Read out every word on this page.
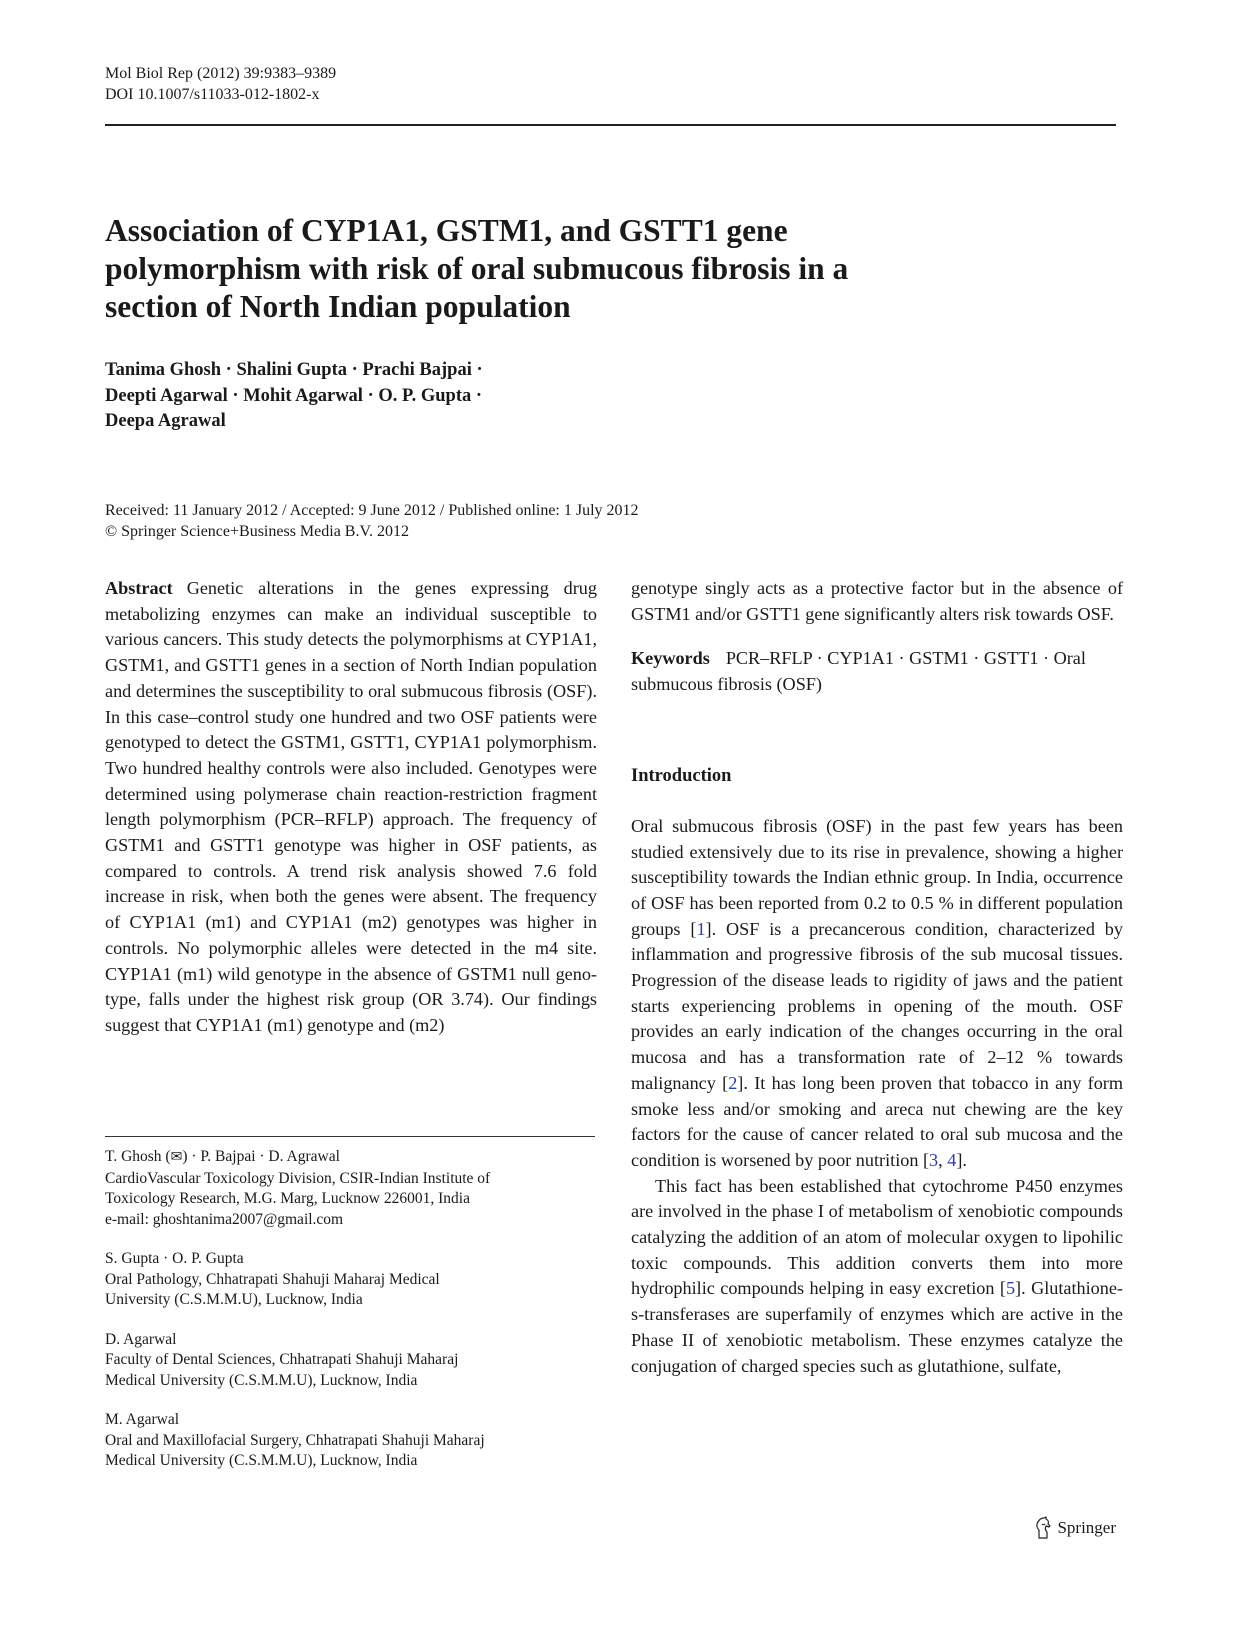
Mol Biol Rep (2012) 39:9383–9389
DOI 10.1007/s11033-012-1802-x
Association of CYP1A1, GSTM1, and GSTT1 gene polymorphism with risk of oral submucous fibrosis in a section of North Indian population
Tanima Ghosh · Shalini Gupta · Prachi Bajpai ·
Deepti Agarwal · Mohit Agarwal · O. P. Gupta ·
Deepa Agrawal
Received: 11 January 2012 / Accepted: 9 June 2012 / Published online: 1 July 2012
© Springer Science+Business Media B.V. 2012

Abstract Genetic alterations in the genes expressing drug metabolizing enzymes can make an individual susceptible to various cancers. This study detects the polymorphisms at CYP1A1, GSTM1, and GSTT1 genes in a section of North Indian population and determines the susceptibility to oral submucous fibrosis (OSF). In this case–control study one hundred and two OSF patients were genotyped to detect the GSTM1, GSTT1, CYP1A1 polymorphism. Two hundred healthy controls were also included. Genotypes were determined using polymerase chain reaction-restriction fragment length polymorphism (PCR–RFLP) approach. The frequency of GSTM1 and GSTT1 genotype was higher in OSF patients, as compared to controls. A trend risk analysis showed 7.6 fold increase in risk, when both the genes were absent. The frequency of CYP1A1 (m1) and CYP1A1 (m2) genotypes was higher in controls. No polymorphic alleles were detected in the m4 site. CYP1A1 (m1) wild genotype in the absence of GSTM1 null geno-type, falls under the highest risk group (OR 3.74). Our findings suggest that CYP1A1 (m1) genotype and (m2)

T. Ghosh (✉) · P. Bajpai · D. Agrawal
CardioVascular Toxicology Division, CSIR-Indian Institute of
Toxicology Research, M.G. Marg, Lucknow 226001, India
e-mail: ghoshtanima2007@gmail.com
S. Gupta · O. P. Gupta
Oral Pathology, Chhatrapati Shahuji Maharaj Medical
University (C.S.M.M.U), Lucknow, India
D. Agarwal
Faculty of Dental Sciences, Chhatrapati Shahuji Maharaj
Medical University (C.S.M.M.U), Lucknow, India
M. Agarwal
Oral and Maxillofacial Surgery, Chhatrapati Shahuji Maharaj
Medical University (C.S.M.M.U), Lucknow, India

genotype singly acts as a protective factor but in the absence of GSTM1 and/or GSTT1 gene significantly alters risk towards OSF.

Keywords PCR–RFLP · CYP1A1 · GSTM1 · GSTT1 · Oral submucous fibrosis (OSF)

Introduction

Oral submucous fibrosis (OSF) in the past few years has been studied extensively due to its rise in prevalence, showing a higher susceptibility towards the Indian ethnic group. In India, occurrence of OSF has been reported from 0.2 to 0.5 % in different population groups [1]. OSF is a precancerous condition, characterized by inflammation and progressive fibrosis of the sub mucosal tissues. Progression of the disease leads to rigidity of jaws and the patient starts experiencing problems in opening of the mouth. OSF provides an early indication of the changes occurring in the oral mucosa and has a transformation rate of 2–12 % towards malignancy [2]. It has long been proven that tobacco in any form smoke less and/or smoking and areca nut chewing are the key factors for the cause of cancer related to oral sub mucosa and the condition is worsened by poor nutrition [3, 4].

This fact has been established that cytochrome P450 enzymes are involved in the phase I of metabolism of xenobiotic compounds catalyzing the addition of an atom of molecular oxygen to lipohilic toxic compounds. This addition converts them into more hydrophilic compounds helping in easy excretion [5]. Glutathione-s-transferases are superfamily of enzymes which are active in the Phase II of xenobiotic metabolism. These enzymes catalyze the conjugation of charged species such as glutathione, sulfate,

Springer
